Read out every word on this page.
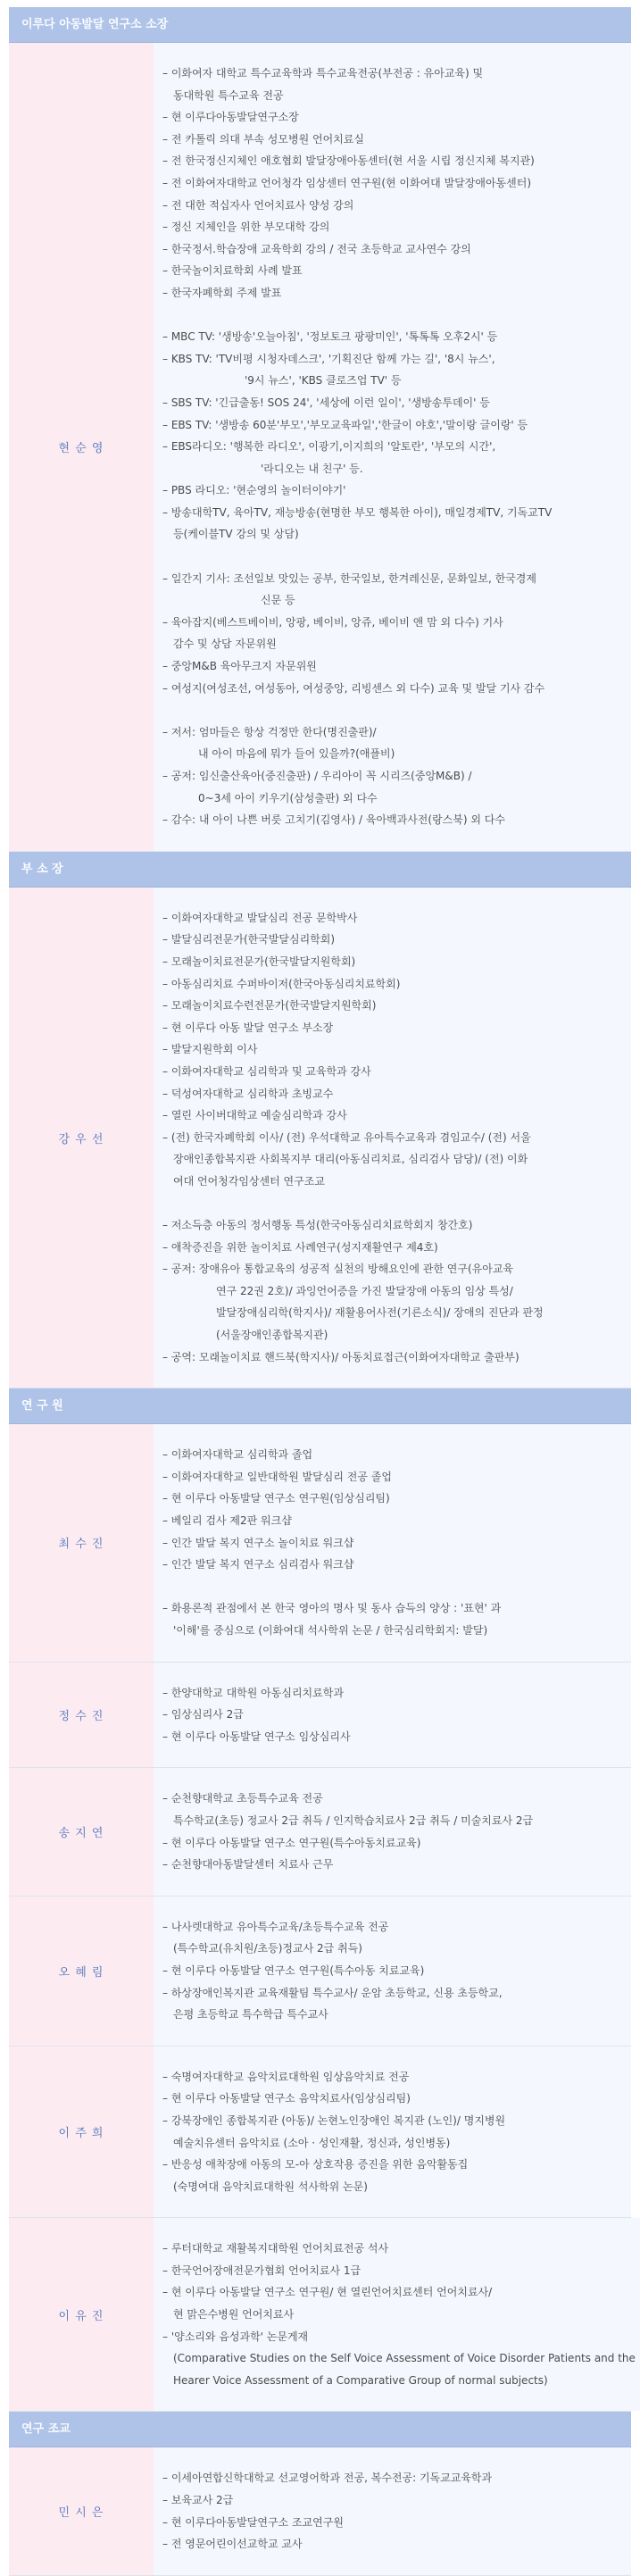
이루다 아동발달 연구소 소장
현 순 영
– 이화여자 대학교 특수교육학과 특수교육전공(부전공 : 유아교육) 및
동대학원 특수교육 전공
– 현 이루다아동발달연구소장
– 전 카톨릭 의대 부속 성모병원 언어치료실
– 전 한국정신지체인 애호협회 발달장애아동센터(현 서울 시립 정신지체 복지관)
– 전 이화여자대학교 언어청각 임상센터 연구원(현 이화여대 발달장애아동센터)
– 전 대한 적십자사 언어치료사 양성 강의
– 정신 지체인을 위한 부모대학 강의
– 한국정서.학습장애 교육학회 강의 / 전국 초등학교 교사연수 강의
– 한국놀이치료학회 사례 발표
– 한국자폐학회 주제 발표
– MBC TV: '생방송'오늘아침', '정보토크 팡팡미인', '톡톡톡 오후2시' 등
– KBS TV: 'TV비평 시청자데스크', '기획진단 함께 가는 길', '8시 뉴스',
'9시 뉴스', 'KBS 클로즈업 TV' 등
– SBS TV: '긴급출동! SOS 24', '세상에 이런 일이', '생방송투데이' 등
– EBS TV: '생방송 60분'부모','부모교육파일','한글이 야호','말이랑 글이랑' 등
– EBS라디오: '행복한 라디오', 이광기,이지희의 '알토란', '부모의 시간',
'라디오는 내 친구' 등.
– PBS 라디오: '현순영의 놀이터이야기'
– 방송대학TV, 육아TV, 재능방송(현명한 부모 행복한 아이), 매일경제TV, 기독교TV
등(케이블TV 강의 및 상담)
– 일간지 기사: 조선일보 맛있는 공부, 한국일보, 한겨레신문, 문화일보, 한국경제
신문 등
– 육아잡지(베스트베이비, 앙팡, 베이비, 앙쥬, 베이비 앤 맘 외 다수) 기사
감수 및 상담 자문위원
– 중앙M&B 육아무크지 자문위원
– 여성지(여성조선, 여성동아, 여성중앙, 리빙센스 외 다수) 교육 및 발달 기사 감수
– 저서: 엄마들은 항상 걱정만 한다(명진출판)/
내 아이 마음에 뭐가 들어 있을까?(애플비)
– 공저: 임신출산육아(중진출판) / 우리아이 꼭 시리즈(중앙M&B) /
0~3세 아이 키우기(삼성출판) 외 다수
– 감수: 내 아이 나쁜 버릇 고치기(김영사) / 육아백과사전(랑스북) 외 다수
부 소 장
강 우 선
– 이화여자대학교 발달심리 전공 문학박사
– 발달심리전문가(한국발달심리학회)
– 모래놀이치료전문가(한국발달지원학회)
– 아동심리치료 수퍼바이저(한국아동심리치료학회)
– 모래놀이치료수련전문가(한국발달지원학회)
– 현 이루다 아동 발달 연구소 부소장
– 발달지원학회 이사
– 이화여자대학교 심리학과 및 교육학과 강사
– 덕성여자대학교 심리학과 초빙교수
– 열린 사이버대학교 예술심리학과 강사
– (전) 한국자폐학회 이사/ (전) 우석대학교 유아특수교육과 겸임교수/ (전) 서울
장애인종합복지관 사회복지부 대리(아동심리치료, 심리검사 담당)/ (전) 이화
여대 언어청각임상센터 연구조교
– 저소득층 아동의 정서행동 특성(한국아동심리치료학회지 창간호)
– 애착증진을 위한 놀이치료 사례연구(성지재활연구 제4호)
– 공저: 장애유아 통합교육의 성공적 실천의 방해요인에 관한 연구(유아교육
연구 22권 2호)/ 과잉언어증을 가진 발달장애 아동의 임상 특성/
발달장애심리학(학지사)/ 재활용어사전(기른소식)/ 장애의 진단과 판정
(서울장애인종합복지관)
– 공역: 모래놀이치료 핸드북(학지사)/ 아동치료접근(이화여자대학교 출판부)
연 구 원
최 수 진
– 이화여자대학교 심리학과 졸업
– 이화여자대학교 일반대학원 발달심리 전공 졸업
– 현 이루다 아동발달 연구소 연구원(임상심리팀)
– 베일리 검사 제2판 워크샵
– 인간 발달 복지 연구소 놀이치료 워크샵
– 인간 발달 복지 연구소 심리검사 워크샵
– 화용론적 관점에서 본 한국 영아의 명사 및 동사 습득의 양상 : '표현' 과
'이해'를 중심으로 (이화여대 석사학위 논문 / 한국심리학회지: 발달)
정 수 진
– 한양대학교 대학원 아동심리치료학과
– 임상심리사 2급
– 현 이루다 아동발달 연구소 임상심리사
송 지 연
– 순천향대학교 초등특수교육 전공
특수학교(초등) 정교사 2급 취득 / 인지학습치료사 2급 취득 / 미술치료사 2급
– 현 이루다 아동발달 연구소 연구원(특수아동치료교육)
– 순천향대아동발달센터 치료사 근무
오 혜 림
– 나사렛대학교 유아특수교육/초등특수교육 전공
(특수학교(유치원/초등)정교사 2급 취득)
– 현 이루다 아동발달 연구소 연구원(특수아동 치료교육)
– 하상장애인복지관 교육재활팀 특수교사/ 운암 초등학교, 신용 초등학교,
은평 초등학교 특수학급 특수교사
이 주 희
– 숙명여자대학교 음악치료대학원 임상음악치료 전공
– 현 이루다 아동발달 연구소 음악치료사(임상심리팀)
– 강북장애인 종합복지관 (아동)/ 논현노인장애인 복지관 (노인)/ 명지병원
예술치유센터 음악치료 (소아 · 성인재활, 정신과, 성인병동)
– 반응성 애착장애 아동의 모-아 상호작용 증진을 위한 음악활동집
(숙명여대 음악치료대학원 석사학위 논문)
이 유 진
– 루터대학교 재활복지대학원 언어치료전공 석사
– 한국언어장애전문가협회 언어치료사 1급
– 현 이루다 아동발달 연구소 연구원/ 현 열린언어치료센터 언어치료사/
현 맑은수병원 언어치료사
– '양소리와 음성과학' 논문게재
(Comparative Studies on the Self Voice Assessment of Voice Disorder Patients and the
Hearer Voice Assessment of a Comparative Group of normal subjects)
연구 조교
민 시 은
– 이세아연합신학대학교 선교영어학과 전공, 복수전공: 기독교교육학과
– 보육교사 2급
– 현 이루다아동발달연구소 조교연구원
– 전 영문어린이선교학교 교사
